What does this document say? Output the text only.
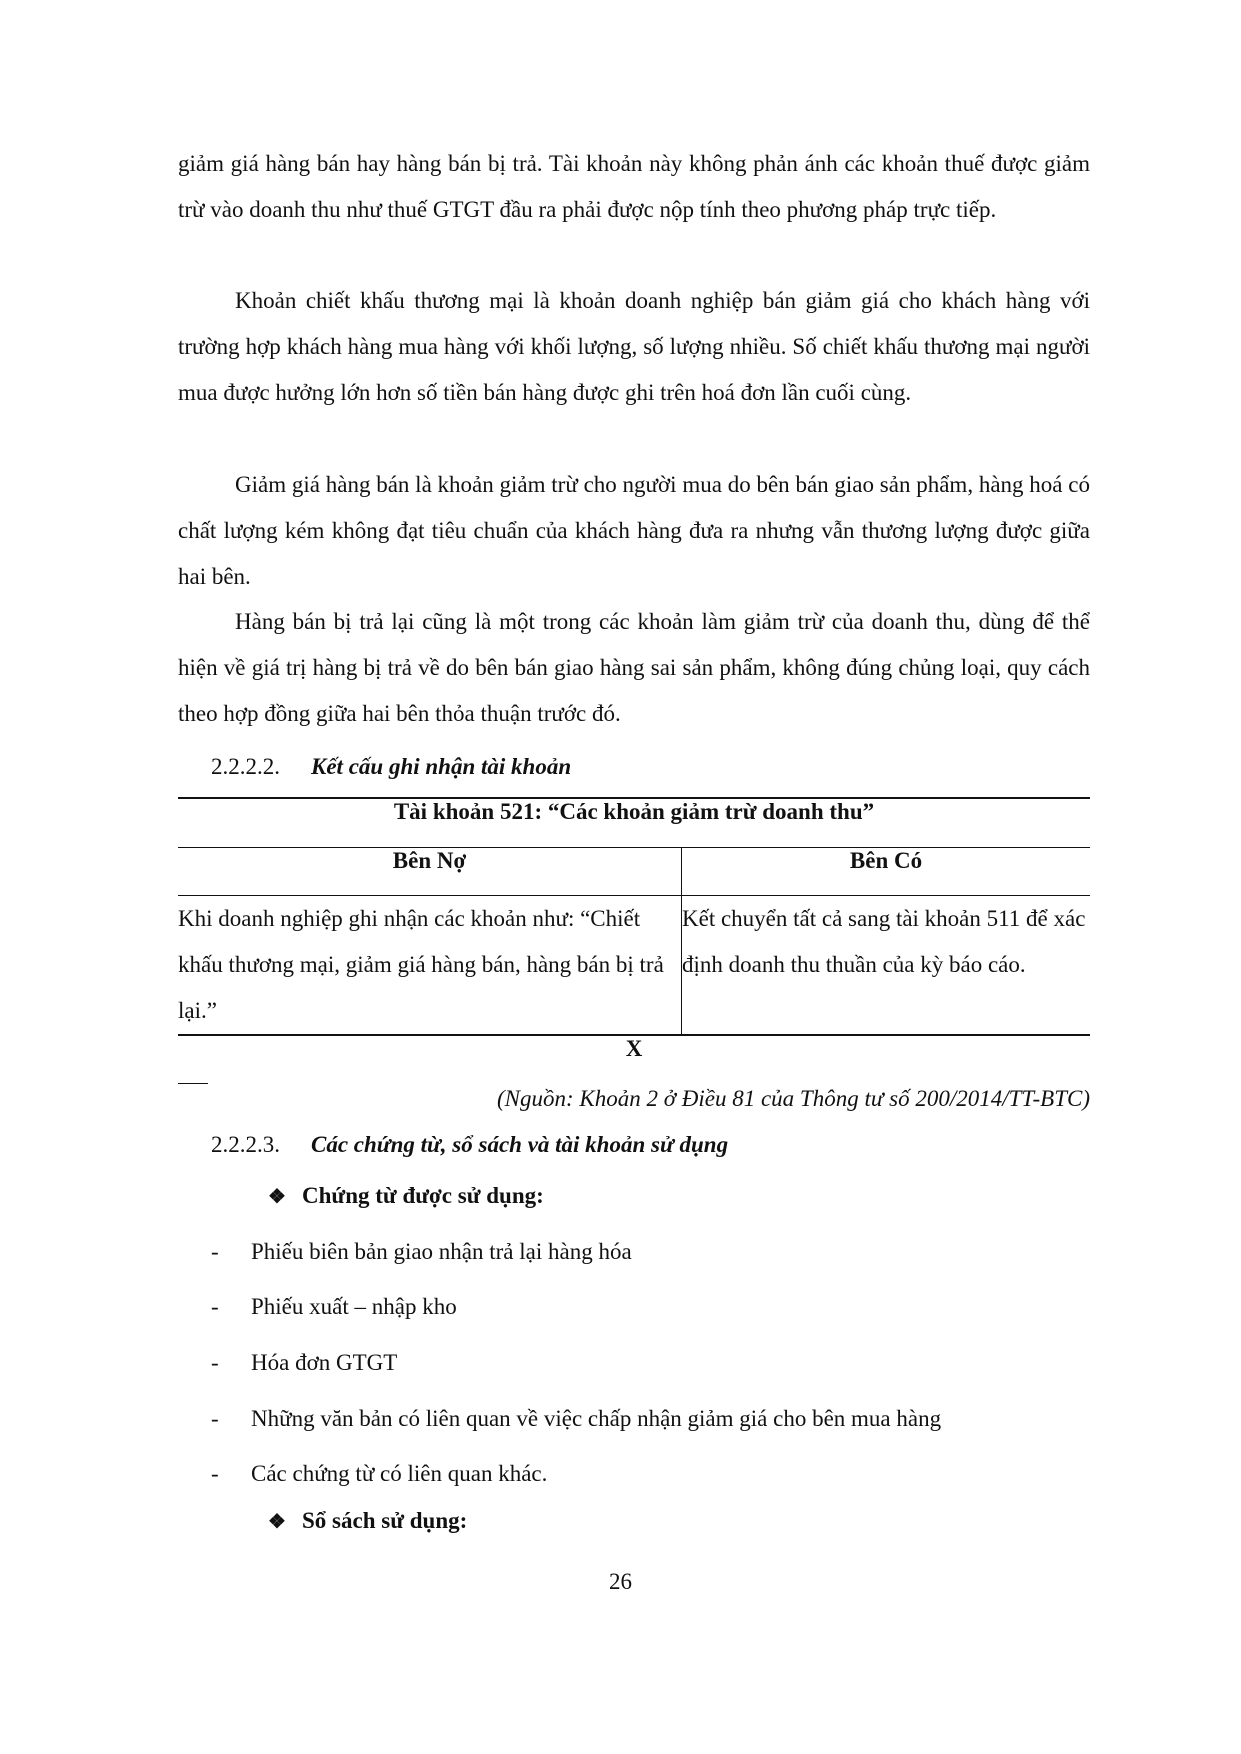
giảm giá hàng bán hay hàng bán bị trả. Tài khoản này không phản ánh các khoản thuế được giảm trừ vào doanh thu như thuế GTGT đầu ra phải được nộp tính theo phương pháp trực tiếp.

Khoản chiết khấu thương mại là khoản doanh nghiệp bán giảm giá cho khách hàng với trường hợp khách hàng mua hàng với khối lượng, số lượng nhiều. Số chiết khấu thương mại người mua được hưởng lớn hơn số tiền bán hàng được ghi trên hoá đơn lần cuối cùng.

Giảm giá hàng bán là khoản giảm trừ cho người mua do bên bán giao sản phẩm, hàng hoá có chất lượng kém không đạt tiêu chuẩn của khách hàng đưa ra nhưng vẫn thương lượng được giữa hai bên.

Hàng bán bị trả lại cũng là một trong các khoản làm giảm trừ của doanh thu, dùng để thể hiện về giá trị hàng bị trả về do bên bán giao hàng sai sản phẩm, không đúng chủng loại, quy cách theo hợp đồng giữa hai bên thỏa thuận trước đó.

2.2.2.2. Kết cấu ghi nhận tài khoản

Tài khoản 521: “Các khoản giảm trừ doanh thu”	
Bên Nợ	Bên Có
Khi doanh nghiệp ghi nhận các khoản như: “Chiết khấu thương mại, giảm giá hàng bán, hàng bán bị trả lại.”	Kết chuyển tất cả sang tài khoản 511 để xác định doanh thu thuần của kỳ báo cáo.
X	

(Nguồn: Khoản 2 ở Điều 81 của Thông tư số 200/2014/TT-BTC)

2.2.2.3. Các chứng từ, sổ sách và tài khoản sử dụng

❖ Chứng từ được sử dụng:

- Phiếu biên bản giao nhận trả lại hàng hóa

- Phiếu xuất – nhập kho

- Hóa đơn GTGT

- Những văn bản có liên quan về việc chấp nhận giảm giá cho bên mua hàng

- Các chứng từ có liên quan khác.

❖ Sổ sách sử dụng:

26
